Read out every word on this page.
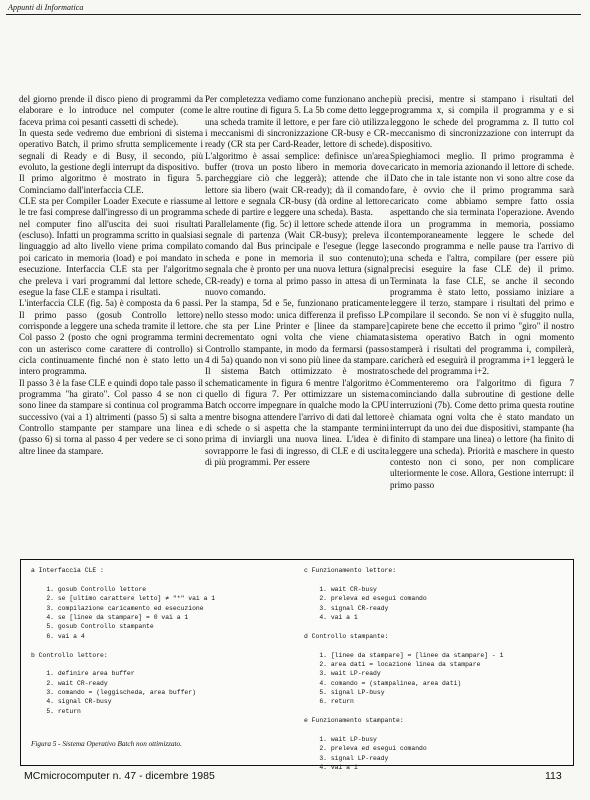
Appunti di Informatica

del giorno prende il disco pieno di programmi da elaborare e lo introduce nel computer (come faceva prima coi pesanti cassetti di schede).

In questa sede vedremo due embrioni di sistema operativo Batch, il primo sfrutta semplicemente i segnali di Ready e di Busy, il secondo, più evoluto, la gestione degli interrupt da dispositivo.

Il primo algoritmo è mostrato in figura 5. Cominciamo dall'interfaccia CLE.

CLE sta per Compiler Loader Execute e riassume le tre fasi comprese dall'ingresso di un programma nel computer fino all'uscita dei suoi risultati (escluso). Infatti un programma scritto in qualsiasi linguaggio ad alto livello viene prima compilato poi caricato in memoria (load) e poi mandato in esecuzione. Interfaccia CLE sta per l'algoritmo che preleva i vari programmi dal lettore schede, esegue la fase CLE e stampa i risultati.

L'interfaccia CLE (fig. 5a) è composta da 6 passi. Il primo passo (gosub Controllo lettore) corrisponde a leggere una scheda tramite il lettore. Col passo 2 (posto che ogni programma termini con un asterisco come carattere di controllo) si cicla continuamente finché non è stato letto un intero programma.

Il passo 3 è la fase CLE e quindi dopo tale passo il programma "ha girato". Col passo 4 se non ci sono linee da stampare si continua col programma successivo (vai a 1) altrimenti (passo 5) si salta a Controllo stampante per stampare una linea e (passo 6) si torna al passo 4 per vedere se ci sono altre linee da stampare.

Per completezza vediamo come funzionano anche le altre routine di figura 5. La 5b come detto legge una scheda tramite il lettore, e per fare ciò utilizza i meccanismi di sincronizzazione CR-busy e CR-ready (CR sta per Card-Reader, lettore di schede). L'algoritmo è assai semplice: definisce un'area buffer (trova un posto libero in memoria dove parcheggiare ciò che leggerà); attende che il lettore sia libero (wait CR-ready); dà il comando al lettore e segnala CR-busy (dà ordine al lettore schede di partire e leggere una scheda). Basta.

Parallelamente (fig. 5c) il lettore schede attende il segnale di partenza (Wait CR-busy); preleva il comando dal Bus principale e l'esegue (legge la scheda e pone in memoria il suo contenuto); segnala che è pronto per una nuova lettura (signal CR-ready) e torna al primo passo in attesa di un nuovo comando.

Per la stampa, 5d e 5e, funzionano praticamente nello stesso modo: unica differenza il prefisso LP che sta per Line Printer e [linee da stampare] decrementato ogni volta che viene chiamata Controllo stampante, in modo da fermarsi (passo 4 di 5a) quando non vi sono più linee da stampare.

Il sistema Batch ottimizzato è mostrato schematicamente in figura 6 mentre l'algoritmo è quello di figura 7. Per ottimizzare un sistema Batch occorre impegnare in qualche modo la CPU mentre bisogna attendere l'arrivo di dati dal lettore di schede o si aspetta che la stampante termini prima di inviargli una nuova linea. L'idea è di sovrapporre le fasi di ingresso, di CLE e di uscita di più programmi. Per essere

più precisi, mentre si stampano i risultati del programma x, si compila il programma y e si leggono le schede del programma z. Il tutto col meccanismo di sincronizzazione con interrupt da dispositivo.

Spieghiamoci meglio. Il primo programma è caricato in memoria azionando il lettore di schede. Dato che in tale istante non vi sono altre cose da fare, è ovvio che il primo programma sarà caricato come abbiamo sempre fatto ossia aspettando che sia terminata l'operazione. Avendo ora un programma in memoria, possiamo contemporaneamente leggere le schede del secondo programma e nelle pause tra l'arrivo di una scheda e l'altra, compilare (per essere più precisi eseguire la fase CLE de) il primo. Terminata la fase CLE, se anche il secondo programma è stato letto, possiamo iniziare a leggere il terzo, stampare i risultati del primo e compilare il secondo. Se non vi è sfuggito nulla, capirete bene che eccetto il primo "giro" il nostro sistema operativo Batch in ogni momento stamperà i risultati del programma i, compilerà, caricherà ed eseguirà il programma i+1 leggerà le schede del programma i+2.

Commenteremo ora l'algoritmo di figura 7 cominciando dalla subroutine di gestione delle interruzioni (7b). Come detto prima questa routine è chiamata ogni volta che è stato mandato un interrupt da uno dei due dispositivi, stampante (ha finito di stampare una linea) o lettore (ha finito di leggere una scheda). Priorità e maschere in questo contesto non ci sono, per non complicare ulteriormente le cose. Allora, Gestione interrupt: il primo passo

a Interfaccia CLE :
1. gosub Controllo lettore
2. se [ultimo carattere letto] ≠ "*" vai a 1
3. compilazione caricamento ed esecuzione
4. se [linee da stampare] = 0 vai a 1
5. gosub Controllo stampante
6. vai a 4
b Controllo lettore:
1. definire area buffer
2. wait CR-ready
3. comando = (leggischeda, area buffer)
4. signal CR-busy
5. return
c Funzionamento lettore:
1. wait CR-busy
2. preleva ed esegui comando
3. signal CR-ready
4. vai a 1
d Controllo stampante:
1. [linee da stampare] = [linee da stampare] - 1
2. area dati = locazione linea da stampare
3. wait LP-ready
4. comando = (stampalinea, area dati)
5. signal LP-busy
6. return
e Funzionamento stampante:
1. wait LP-busy
2. preleva ed esegui comando
3. signal LP-ready
4. vai a 1
Figura 5 - Sistema Operativo Batch non ottimizzato.
MCmicrocomputer n. 47 - dicembre 1985	113
